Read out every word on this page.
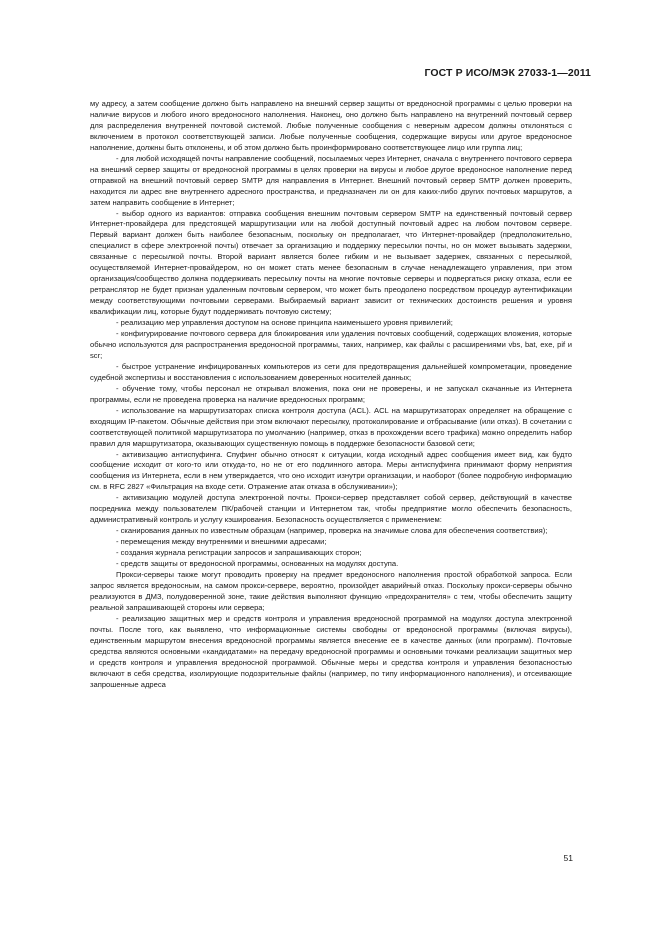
ГОСТ Р ИСО/МЭК 27033-1—2011

му адресу, а затем сообщение должно быть направлено на внешний сервер защиты от вредоносной программы с целью проверки на наличие вирусов и любого иного вредоносного наполнения. Наконец, оно должно быть направлено на внутренний почтовый сервер для распределения внутренней почтовой системой. Любые полученные сообщения с неверным адресом должны отклоняться с включением в протокол соответствующей записи. Любые полученные сообщения, содержащие вирусы или другое вредоносное наполнение, должны быть отклонены, и об этом должно быть проинформировано соответствующее лицо или группа лиц;

- для любой исходящей почты направление сообщений, посылаемых через Интернет, сначала с внутреннего почтового сервера на внешний сервер защиты от вредоносной программы в целях проверки на вирусы и любое другое вредоносное наполнение перед отправкой на внешний почтовый сервер SMTP для направления в Интернет. Внешний почтовый сервер SMTP должен проверить, находится ли адрес вне внутреннего адресного пространства, и предназначен ли он для каких-либо других почтовых маршрутов, а затем направить сообщение в Интернет;

- выбор одного из вариантов: отправка сообщения внешним почтовым сервером SMTP на единственный почтовый сервер Интернет-провайдера для предстоящей маршрутизации или на любой доступный почтовый адрес на любом почтовом сервере. Первый вариант должен быть наиболее безопасным, поскольку он предполагает, что Интернет-провайдер (предположительно, специалист в сфере электронной почты) отвечает за организацию и поддержку пересылки почты, но он может вызывать задержки, связанные с пересылкой почты. Второй вариант является более гибким и не вызывает задержек, связанных с пересылкой, осуществляемой Интернет-провайдером, но он может стать менее безопасным в случае ненадлежащего управления, при этом организация/сообщество должна поддерживать пересылку почты на многие почтовые серверы и подвергаться риску отказа, если ее ретранслятор не будет признан удаленным почтовым сервером, что может быть преодолено посредством процедур аутентификации между соответствующими почтовыми серверами. Выбираемый вариант зависит от технических достоинств решения и уровня квалификации лиц, которые будут поддерживать почтовую систему;

- реализацию мер управления доступом на основе принципа наименьшего уровня привилегий;

- конфигурирование почтового сервера для блокирования или удаления почтовых сообщений, содержащих вложения, которые обычно используются для распространения вредоносной программы, таких, например, как файлы с расширениями vbs, bat, exe, pif и scr;

- быстрое устранение инфицированных компьютеров из сети для предотвращения дальнейшей компрометации, проведение судебной экспертизы и восстановления с использованием доверенных носителей данных;

- обучение тому, чтобы персонал не открывал вложения, пока они не проверены, и не запускал скачанные из Интернета программы, если не проведена проверка на наличие вредоносных программ;

- использование на маршрутизаторах списка контроля доступа (ACL). ACL на маршрутизаторах определяет на обращение с входящим IP-пакетом. Обычные действия при этом включают пересылку, протоколирование и отбрасывание (или отказ). В сочетании с соответствующей политикой маршрутизатора по умолчанию (например, отказ в прохождении всего трафика) можно определить набор правил для маршрутизатора, оказывающих существенную помощь в поддержке безопасности базовой сети;

- активизацию антиспуфинга. Спуфинг обычно относят к ситуации, когда исходный адрес сообщения имеет вид, как будто сообщение исходит от кого-то или откуда-то, но не от его подлинного автора. Меры антиспуфинга принимают форму неприятия сообщения из Интернета, если в нем утверждается, что оно исходит изнутри организации, и наоборот (более подробную информацию см. в RFC 2827 «Фильтрация на входе сети. Отражение атак отказа в обслуживании»);

- активизацию модулей доступа электронной почты. Прокси-сервер представляет собой сервер, действующий в качестве посредника между пользователем ПК/рабочей станции и Интернетом так, чтобы предприятие могло обеспечить безопасность, административный контроль и услугу кэширования. Безопасность осуществляется с применением:

- сканирования данных по известным образцам (например, проверка на значимые слова для обеспечения соответствия);

- перемещения между внутренними и внешними адресами;

- создания журнала регистрации запросов и запрашивающих сторон;

- средств защиты от вредоносной программы, основанных на модулях доступа.

Прокси-серверы также могут проводить проверку на предмет вредоносного наполнения простой обработкой запроса. Если запрос является вредоносным, на самом прокси-сервере, вероятно, произойдет аварийный отказ. Поскольку прокси-серверы обычно реализуются в ДМЗ, полудоверенной зоне, такие действия выполняют функцию «предохранителя» с тем, чтобы обеспечить защиту реальной запрашивающей стороны или сервера;

- реализацию защитных мер и средств контроля и управления вредоносной программой на модулях доступа электронной почты. После того, как выявлено, что информационные системы свободны от вредоносной программы (включая вирусы), единственным маршрутом внесения вредоносной программы является внесение ее в качестве данных (или программ). Почтовые средства являются основными «кандидатами» на передачу вредоносной программы и основными точками реализации защитных мер и средств контроля и управления вредоносной программой. Обычные меры и средства контроля и управления безопасностью включают в себя средства, изолирующие подозрительные файлы (например, по типу информационного наполнения), и отсеивающие запрошенные адреса

51
